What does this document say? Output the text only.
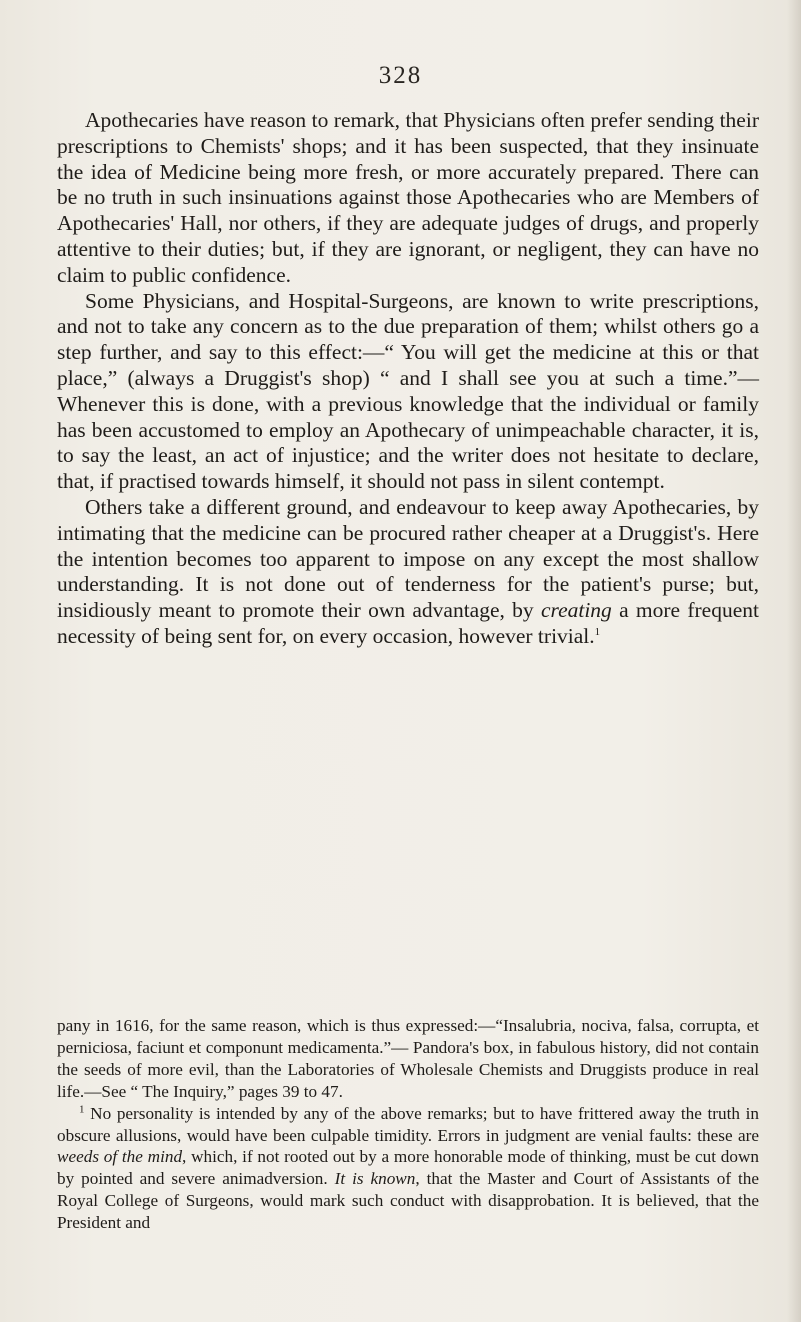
328

Apothecaries have reason to remark, that Physicians often prefer sending their prescriptions to Chemists' shops; and it has been suspected, that they insinuate the idea of Medicine being more fresh, or more accurately prepared. There can be no truth in such insinuations against those Apothecaries who are Members of Apothecaries' Hall, nor others, if they are adequate judges of drugs, and properly attentive to their duties; but, if they are ignorant, or negligent, they can have no claim to public confidence.

Some Physicians, and Hospital-Surgeons, are known to write prescriptions, and not to take any concern as to the due preparation of them; whilst others go a step further, and say to this effect:—“ You will get the medicine at this or that place,” (always a Druggist's shop) “ and I shall see you at such a time.”—Whenever this is done, with a previous knowledge that the individual or family has been accustomed to employ an Apothecary of unimpeachable character, it is, to say the least, an act of injustice; and the writer does not hesitate to declare, that, if practised towards himself, it should not pass in silent contempt.

Others take a different ground, and endeavour to keep away Apothecaries, by intimating that the medicine can be procured rather cheaper at a Druggist's. Here the intention becomes too apparent to impose on any except the most shallow understanding. It is not done out of tenderness for the patient's purse; but, insidiously meant to promote their own advantage, by creating a more frequent necessity of being sent for, on every occasion, however trivial.$^1$

pany in 1616, for the same reason, which is thus expressed:—“Insalubria, nociva, falsa, corrupta, et perniciosa, faciunt et componunt medicamenta.”— Pandora's box, in fabulous history, did not contain the seeds of more evil, than the Laboratories of Wholesale Chemists and Druggists produce in real life.—See “ The Inquiry,” pages 39 to 47.

$^1$ No personality is intended by any of the above remarks; but to have frittered away the truth in obscure allusions, would have been culpable timidity. Errors in judgment are venial faults: these are weeds of the mind, which, if not rooted out by a more honorable mode of thinking, must be cut down by pointed and severe animadversion. It is known, that the Master and Court of Assistants of the Royal College of Surgeons, would mark such conduct with disapprobation. It is believed, that the President and
